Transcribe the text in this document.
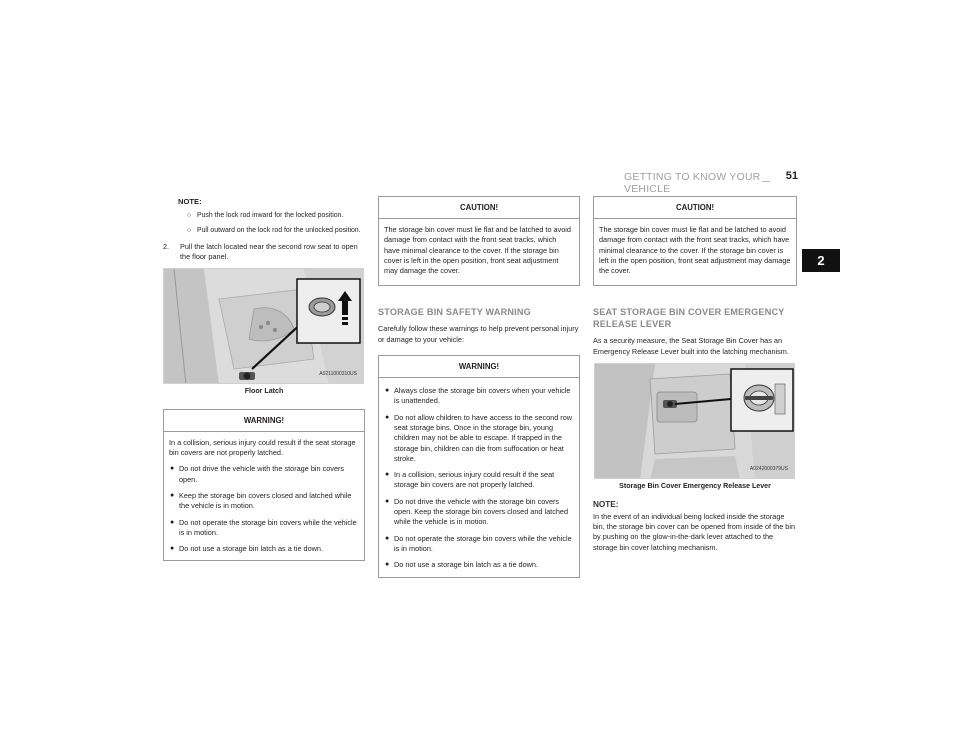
GETTING TO KNOW YOUR VEHICLE
51
2
NOTE:
○ Push the lock rod inward for the locked position.
○ Pull outward on the lock rod for the unlocked position.
2.	Pull the latch located near the second row seat to open the floor panel.
A0211000310US
Floor Latch
WARNING!

In a collision, serious injury could result if the seat storage bin covers are not properly latched.

● Do not drive the vehicle with the storage bin covers open.
● Keep the storage bin covers closed and latched while the vehicle is in motion.
● Do not operate the storage bin covers while the vehicle is in motion.
● Do not use a storage bin latch as a tie down.
CAUTION!

The storage bin cover must lie flat and be latched to avoid damage from contact with the front seat tracks, which have minimal clearance to the cover. If the storage bin cover is left in the open position, front seat adjustment may damage the cover.

STORAGE BIN SAFETY WARNING
Carefully follow these warnings to help prevent personal injury or damage to your vehicle:
WARNING!
● Always close the storage bin covers when your vehicle is unattended.
● Do not allow children to have access to the second row seat storage bins. Once in the storage bin, young children may not be able to escape. If trapped in the storage bin, children can die from suffocation or heat stroke.
● In a collision, serious injury could result if the seat storage bin covers are not properly latched.
● Do not drive the vehicle with the storage bin covers open. Keep the storage bin covers closed and latched while the vehicle is in motion.
● Do not operate the storage bin covers while the vehicle is in motion.
● Do not use a storage bin latch as a tie down.
CAUTION!

The storage bin cover must lie flat and be latched to avoid damage from contact with the front seat tracks, which have minimal clearance to the cover. If the storage bin cover is left in the open position, front seat adjustment may damage the cover.

SEAT STORAGE BIN COVER EMERGENCY RELEASE LEVER
As a security measure, the Seat Storage Bin Cover has an Emergency Release Lever built into the latching mechanism.
A0242000379US
Storage Bin Cover Emergency Release Lever
NOTE:
In the event of an individual being locked inside the storage bin, the storage bin cover can be opened from inside of the bin by pushing on the glow-in-the-dark lever attached to the storage bin cover latching mechanism.
